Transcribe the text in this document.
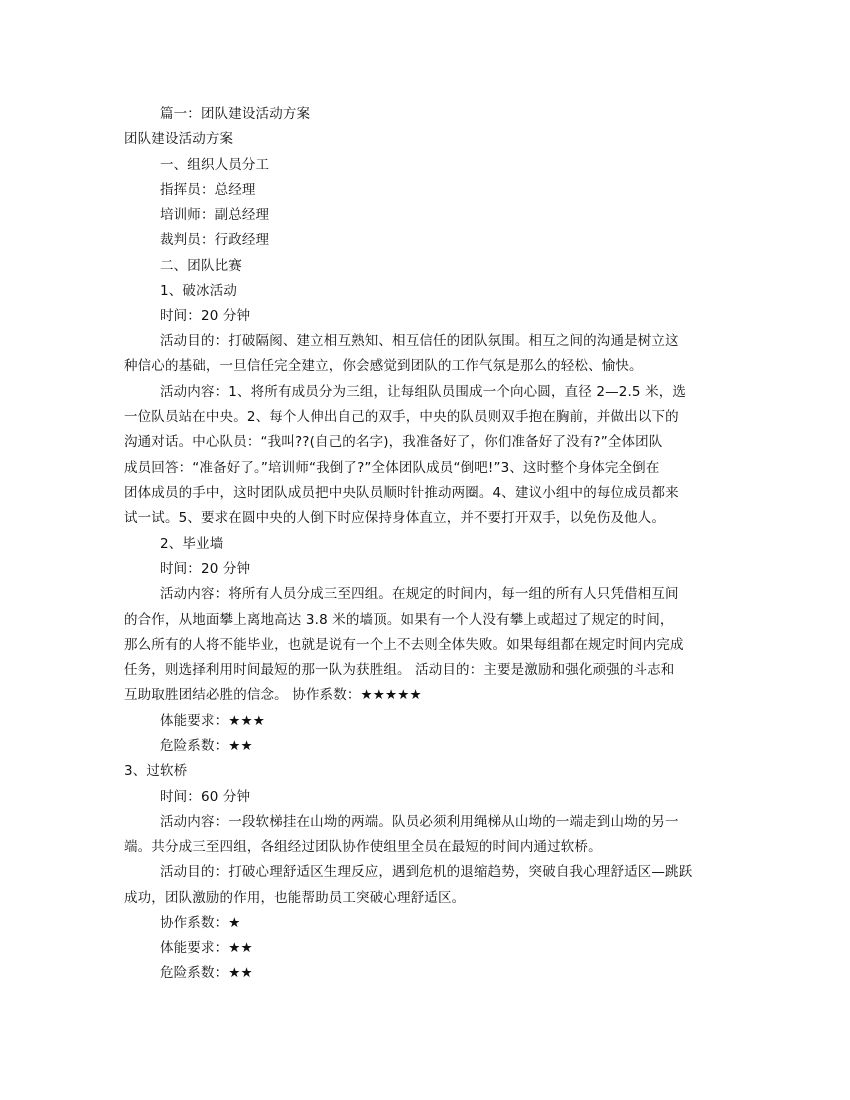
篇一：团队建设活动方案
团队建设活动方案
一、组织人员分工
指挥员：总经理
培训师：副总经理
裁判员：行政经理
二、团队比赛
1、破冰活动
时间：20 分钟
活动目的：打破隔阂、建立相互熟知、相互信任的团队氛围。相互之间的沟通是树立这
种信心的基础，一旦信任完全建立，你会感觉到团队的工作气氛是那么的轻松、愉快。
活动内容：1、将所有成员分为三组，让每组队员围成一个向心圆，直径 2—2.5 米，选
一位队员站在中央。2、每个人伸出自己的双手，中央的队员则双手抱在胸前，并做出以下的
沟通对话。中心队员：“我叫??(自己的名字)，我准备好了，你们准备好了没有?”全体团队
成员回答：“准备好了。”培训师“我倒了?”全体团队成员“倒吧!”3、这时整个身体完全倒在
团体成员的手中，这时团队成员把中央队员顺时针推动两圈。4、建议小组中的每位成员都来
试一试。5、要求在圆中央的人倒下时应保持身体直立，并不要打开双手，以免伤及他人。
2、毕业墙
时间：20 分钟
活动内容：将所有人员分成三至四组。在规定的时间内，每一组的所有人只凭借相互间
的合作，从地面攀上离地高达 3.8 米的墙顶。如果有一个人没有攀上或超过了规定的时间，
那么所有的人将不能毕业，也就是说有一个上不去则全体失败。如果每组都在规定时间内完成
任务，则选择利用时间最短的那一队为获胜组。 活动目的：主要是激励和强化顽强的斗志和
互助取胜团结必胜的信念。 协作系数：★★★★★
体能要求：★★★
危险系数：★★
3、过软桥
时间：60 分钟
活动内容：一段软梯挂在山坳的两端。队员必须利用绳梯从山坳的一端走到山坳的另一
端。共分成三至四组，各组经过团队协作使组里全员在最短的时间内通过软桥。
活动目的：打破心理舒适区生理反应，遇到危机的退缩趋势，突破自我心理舒适区—跳跃
成功，团队激励的作用，也能帮助员工突破心理舒适区。
协作系数：★
体能要求：★★
危险系数：★★
